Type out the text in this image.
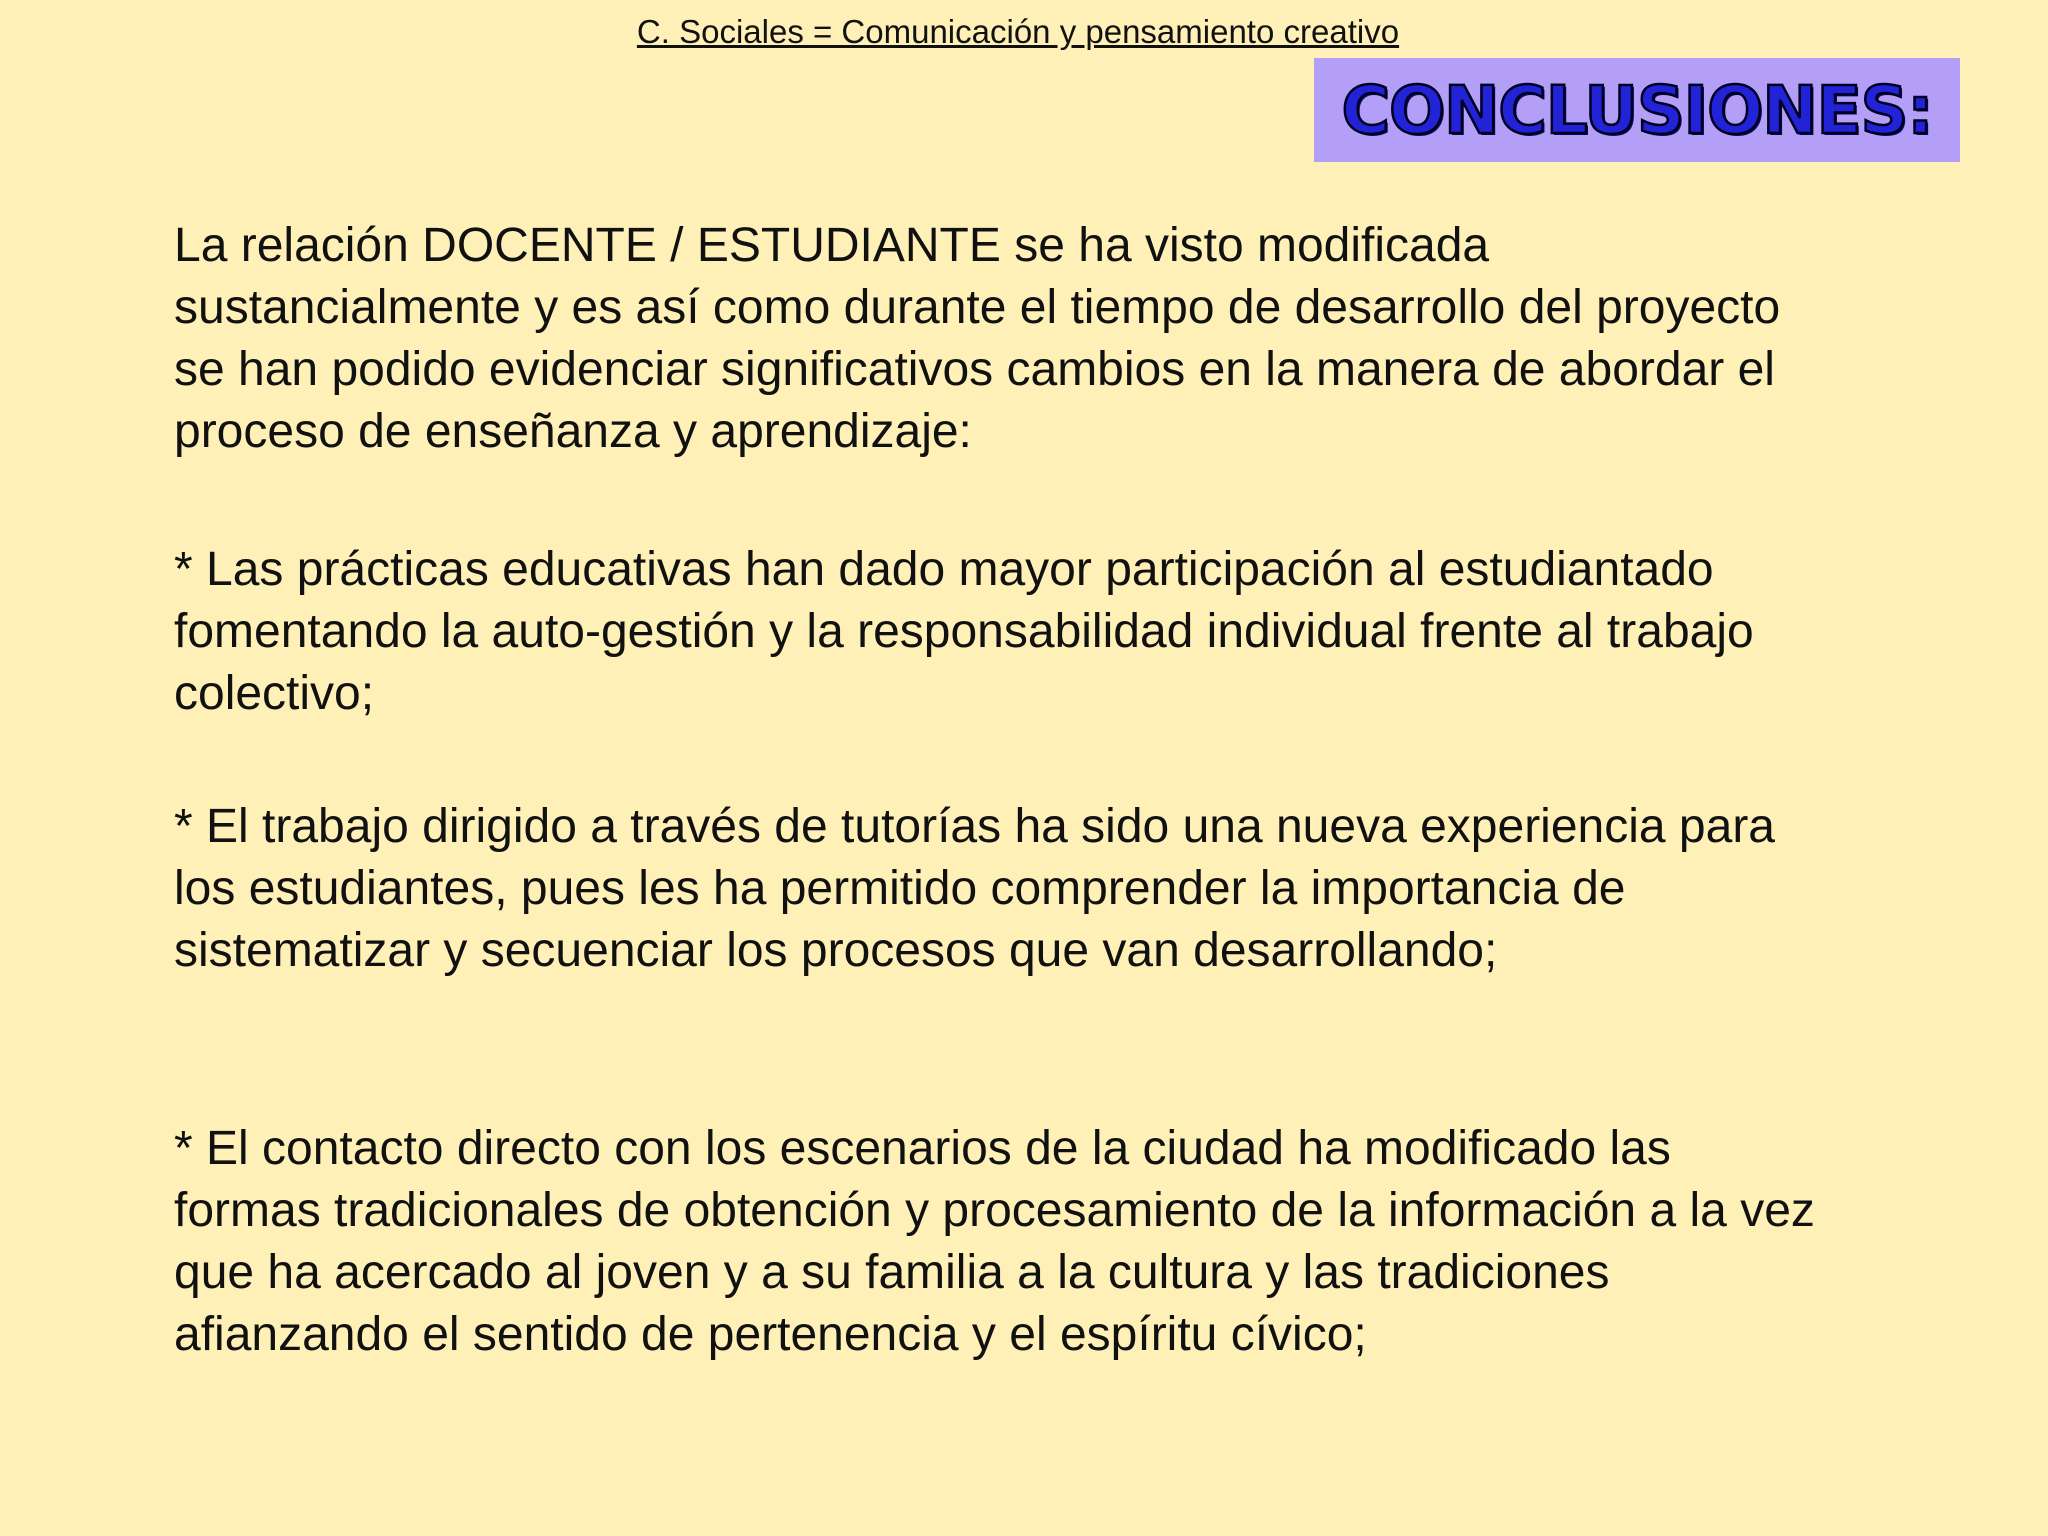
C. Sociales = Comunicación y pensamiento creativo
CONCLUSIONES:

La relación DOCENTE / ESTUDIANTE se ha visto modificada
sustancialmente y es así como durante el tiempo de desarrollo del proyecto
se han podido evidenciar significativos cambios en la manera de abordar el
proceso de enseñanza y aprendizaje:

* Las prácticas educativas han dado mayor participación al estudiantado
fomentando la auto-gestión y la responsabilidad individual frente al trabajo
colectivo;

* El trabajo dirigido a través de tutorías ha sido una nueva experiencia para
los estudiantes, pues les ha permitido comprender la importancia de
sistematizar y secuenciar los procesos que van desarrollando;

* El contacto directo con los escenarios de la ciudad ha modificado las
formas tradicionales de obtención y procesamiento de la información a la vez
que ha acercado al joven y a su familia a la cultura y las tradiciones
afianzando el sentido de pertenencia y el espíritu cívico;
